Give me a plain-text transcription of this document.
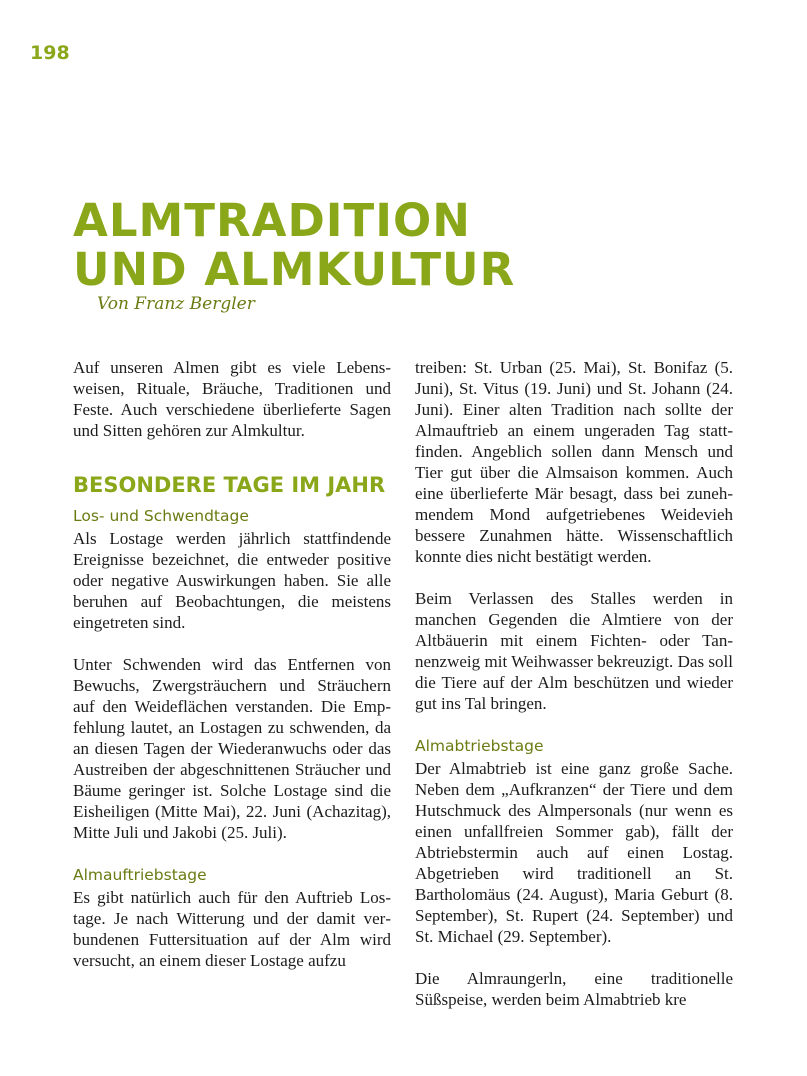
198
ALMTRADITION
UND ALMKULTUR
Von Franz Bergler

Auf unseren Almen gibt es viele Lebensweisen, Rituale, Bräuche, Traditionen und Feste. Auch verschiedene überlieferte Sagen und Sitten gehören zur Almkultur.

BESONDERE TAGE IM JAHR
Los- und Schwendtage

Als Lostage werden jährlich stattfindende Ereignisse bezeichnet, die entweder positive oder negative Auswirkungen haben. Sie alle beruhen auf Beobachtungen, die meistens eingetreten sind.

Unter Schwenden wird das Entfernen von Bewuchs, Zwergsträuchern und Sträuchern auf den Weideflächen verstanden. Die Empfehlung lautet, an Lostagen zu schwenden, da an diesen Tagen der Wiederanwuchs oder das Austreiben der abgeschnittenen Sträucher und Bäume geringer ist. Solche Lostage sind die Eisheiligen (Mitte Mai), 22. Juni (Achazitag), Mitte Juli und Jakobi (25. Juli).

Almauftriebstage

Es gibt natürlich auch für den Auftrieb Lostage. Je nach Witterung und der damit verbundenen Futtersituation auf der Alm wird versucht, an einem dieser Lostage aufzu

treiben: St. Urban (25. Mai), St. Bonifaz (5. Juni), St. Vitus (19. Juni) und St. Johann (24. Juni). Einer alten Tradition nach sollte der Almauftrieb an einem ungeraden Tag stattfinden. Angeblich sollen dann Mensch und Tier gut über die Almsaison kommen. Auch eine überlieferte Mär besagt, dass bei zunehmendem Mond aufgetriebenes Weidevieh bessere Zunahmen hätte. Wissenschaftlich konnte dies nicht bestätigt werden.

Beim Verlassen des Stalles werden in manchen Gegenden die Almtiere von der Altbäuerin mit einem Fichten- oder Tannenzweig mit Weihwasser bekreuzigt. Das soll die Tiere auf der Alm beschützen und wieder gut ins Tal bringen.

Almabtriebstage

Der Almabtrieb ist eine ganz große Sache. Neben dem „Aufkranzen“ der Tiere und dem Hutschmuck des Almpersonals (nur wenn es einen unfallfreien Sommer gab), fällt der Abtriebstermin auch auf einen Lostag. Abgetrieben wird traditionell an St. Bartholomäus (24. August), Maria Geburt (8. September), St. Rupert (24. September) und St. Michael (29. September).

Die Almraungerln, eine traditionelle Süßspeise, werden beim Almabtrieb kre
